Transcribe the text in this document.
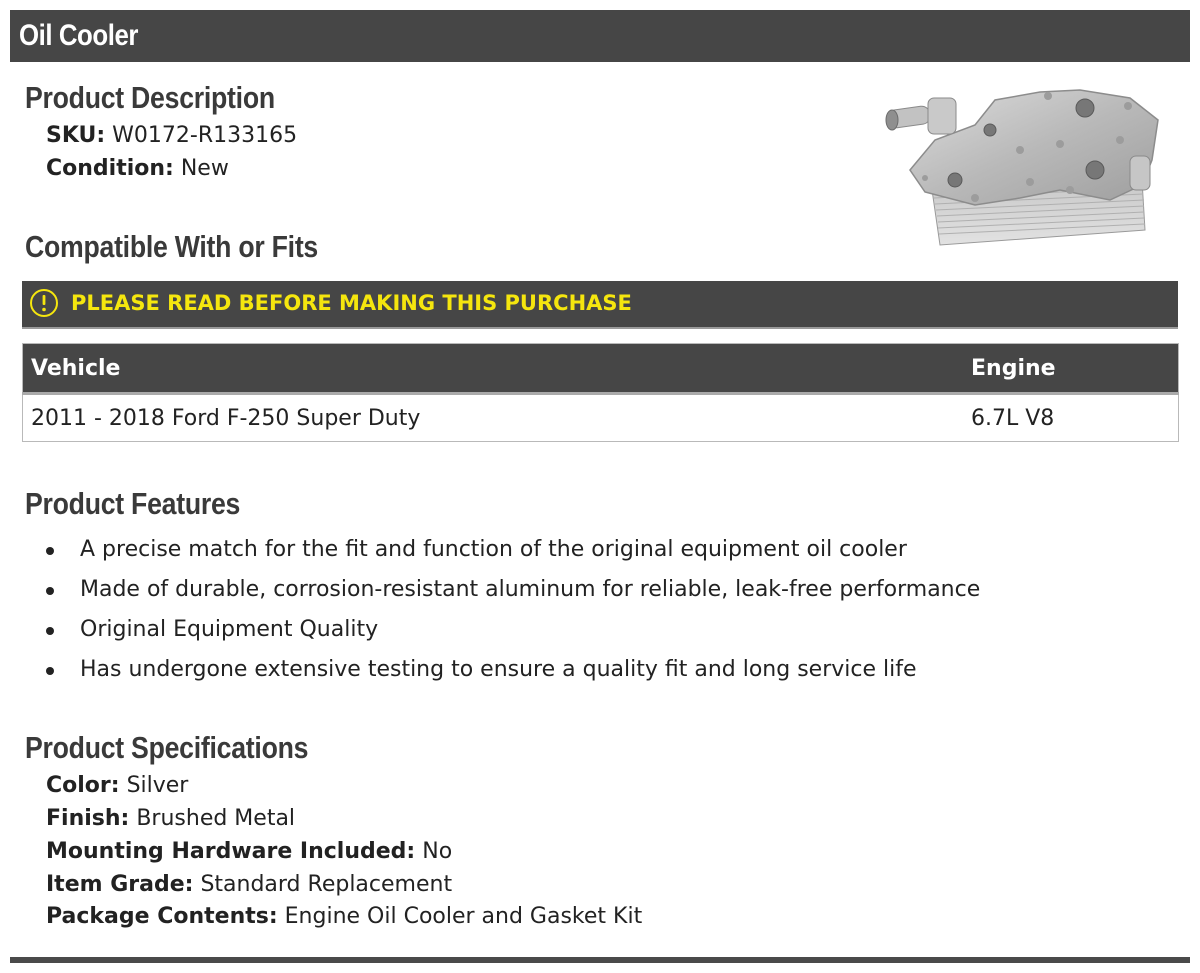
Oil Cooler
Product Description
SKU: W0172-R133165
Condition: New
Compatible With or Fits
PLEASE READ BEFORE MAKING THIS PURCHASE
Vehicle	Engine
2011 - 2018 Ford F-250 Super Duty	6.7L V8
Product Features
A precise match for the fit and function of the original equipment oil cooler
Made of durable, corrosion-resistant aluminum for reliable, leak-free performance
Original Equipment Quality
Has undergone extensive testing to ensure a quality fit and long service life
Product Specifications
Color: Silver
Finish: Brushed Metal
Mounting Hardware Included: No
Item Grade: Standard Replacement
Package Contents: Engine Oil Cooler and Gasket Kit
